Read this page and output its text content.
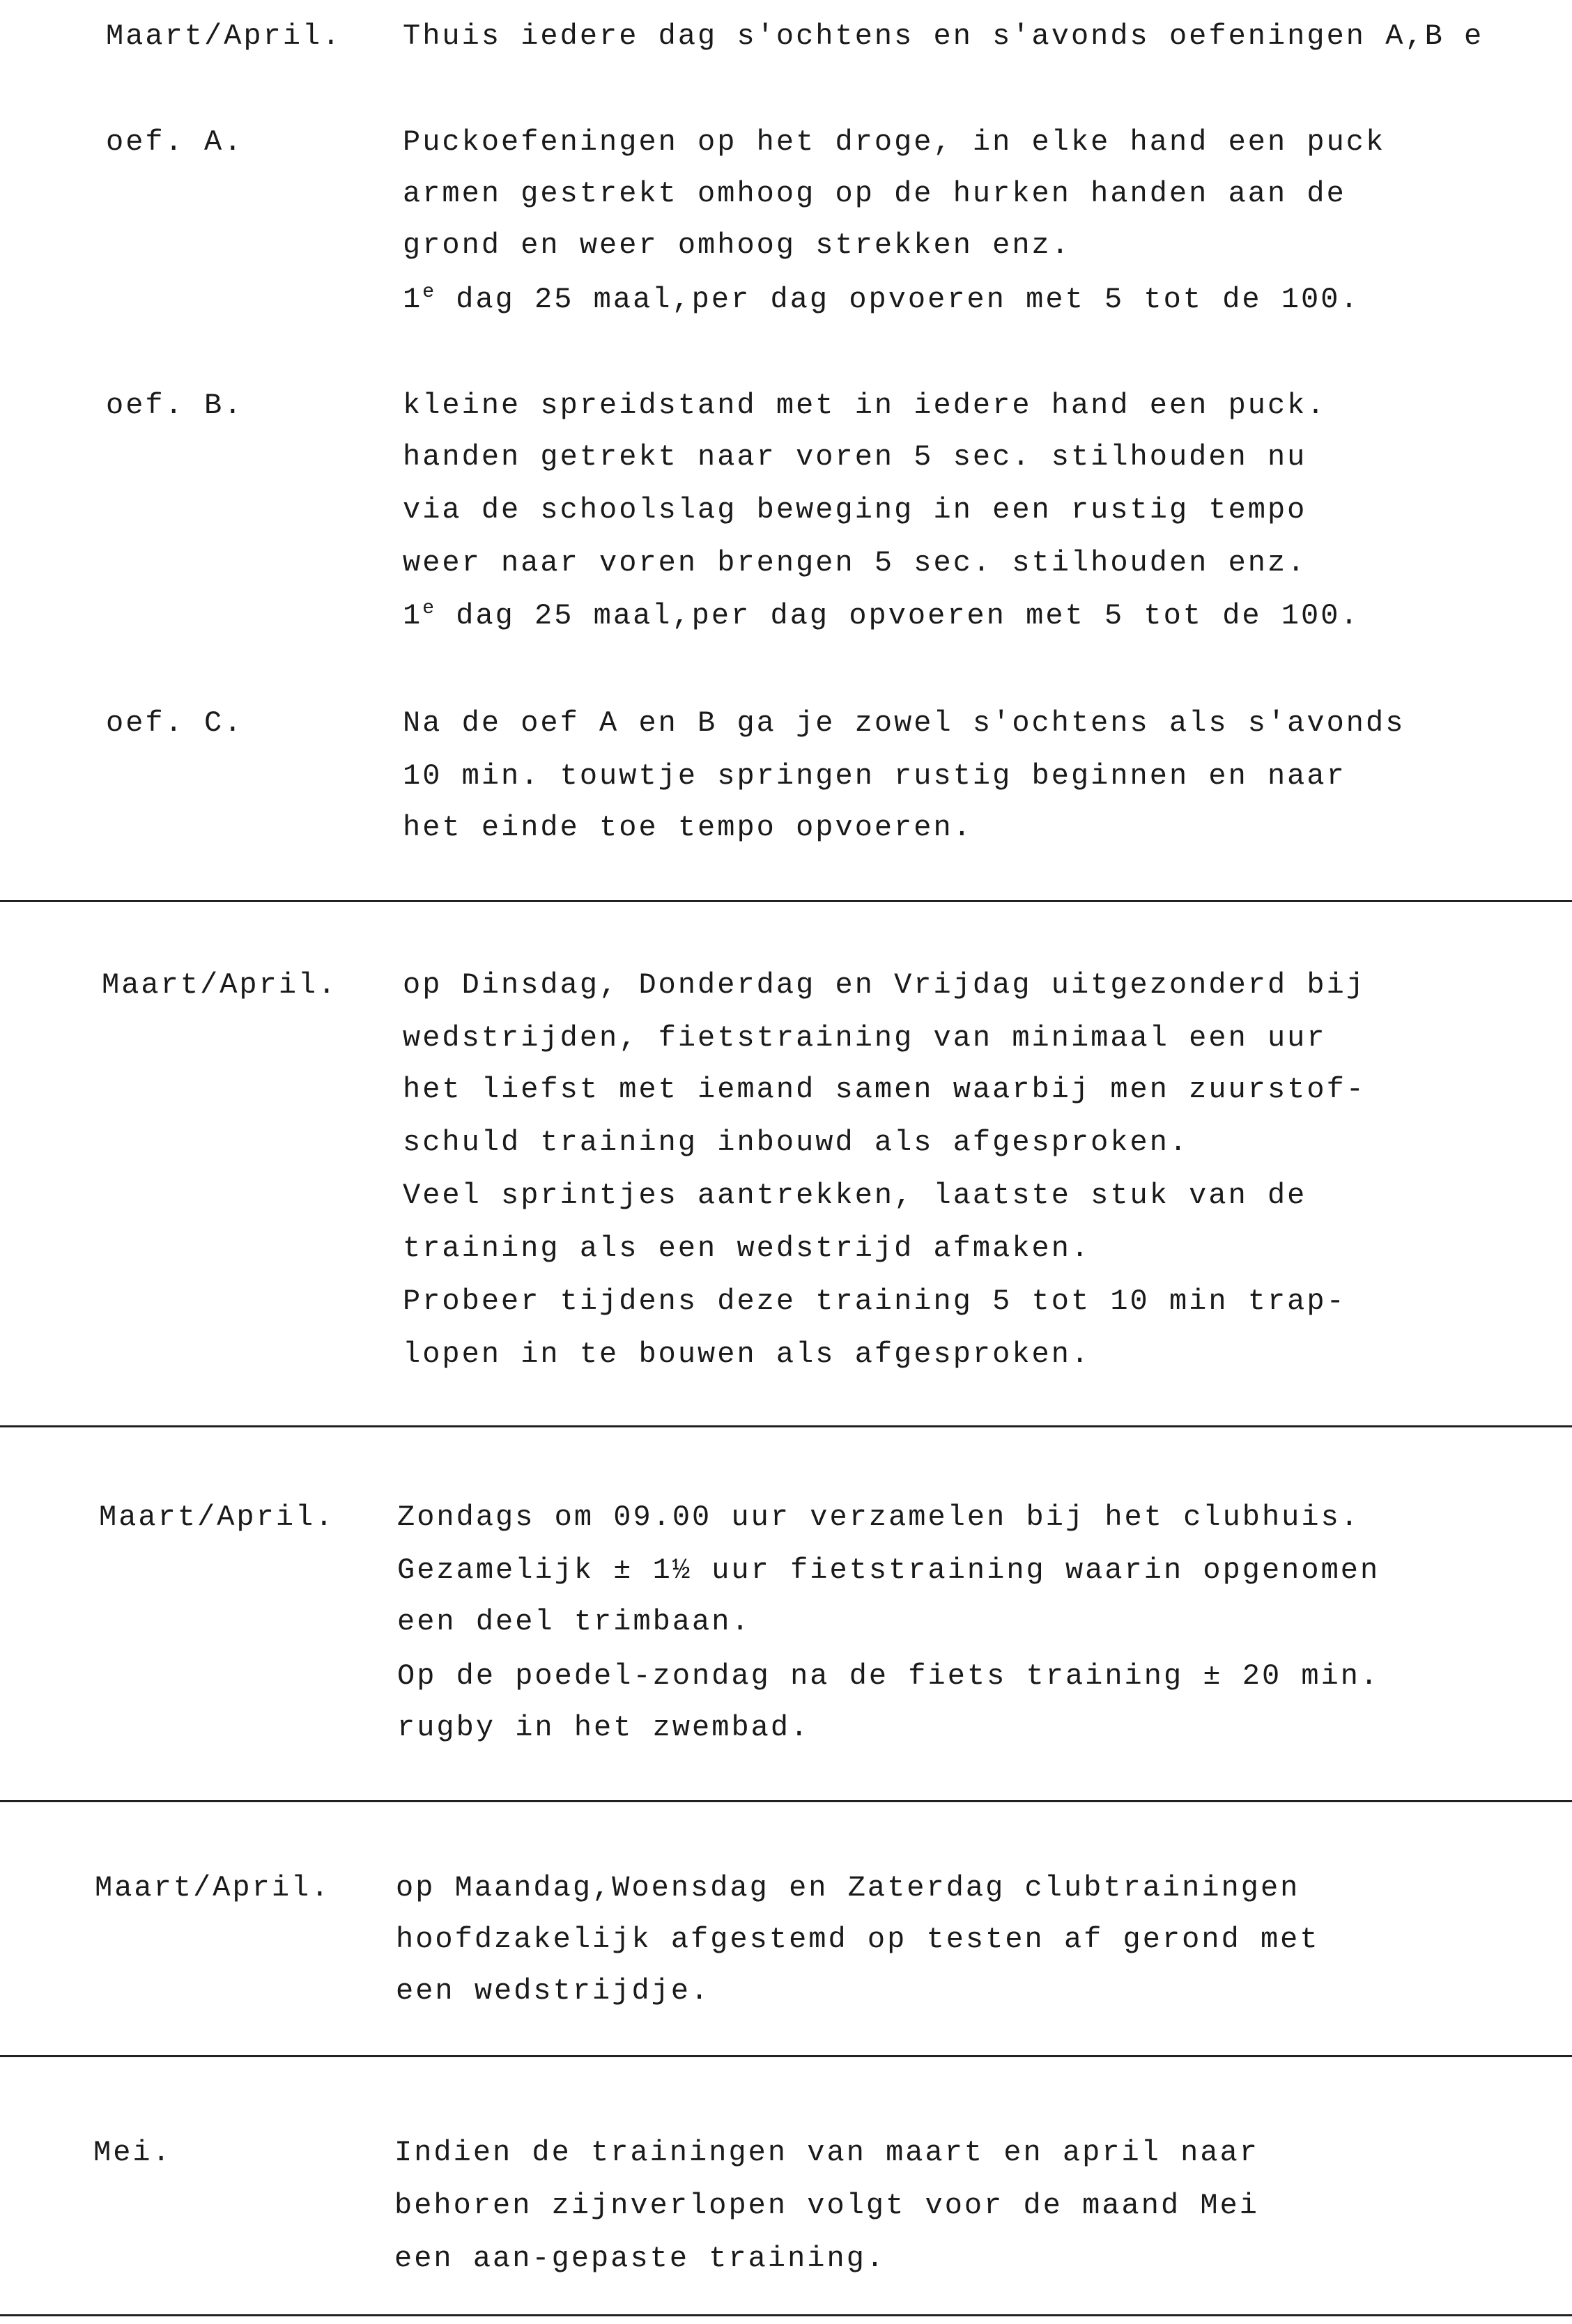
Maart/April. Thuis iedere dag s'ochtens en s'avonds oefeningen A,B e
oef. A.	Puckoefeningen op het droge, in elke hand een puck
armen gestrekt omhoog op de hurken handen aan de
grond en weer omhoog strekken enz.
1e dag 25 maal,per dag opvoeren met 5 tot de 100.
oef. B.	kleine spreidstand met in iedere hand een puck.
handen getrekt naar voren 5 sec. stilhouden nu
via de schoolslag beweging in een rustig tempo
weer naar voren brengen 5 sec. stilhouden enz.
1e dag 25 maal,per dag opvoeren met 5 tot de 100.
oef. C.	Na de oef A en B ga je zowel s'ochtens als s'avonds
10 min. touwtje springen rustig beginnen en naar
het einde toe tempo opvoeren.
Maart/April. op Dinsdag, Donderdag en Vrijdag uitgezonderd bij
wedstrijden, fietstraining van minimaal een uur
het liefst met iemand samen waarbij men zuurstof-
schuld training inbouwd als afgesproken.
Veel sprintjes aantrekken, laatste stuk van de
training als een wedstrijd afmaken.
Probeer tijdens deze training 5 tot 10 min trap-
lopen in te bouwen als afgesproken.
Maart/April. Zondags om 09.00 uur verzamelen bij het clubhuis.
Gezamelijk ± 1½ uur fietstraining waarin opgenomen
een deel trimbaan.
Op de poedel-zondag na de fiets training ± 20 min.
rugby in het zwembad.
Maart/April. op Maandag,Woensdag en Zaterdag clubtrainingen
hoofdzakelijk afgestemd op testen af gerond met
een wedstrijdje.
Mei.	Indien de trainingen van maart en april naar
behoren zijnverlopen volgt voor de maand Mei
een aan-gepaste training.
